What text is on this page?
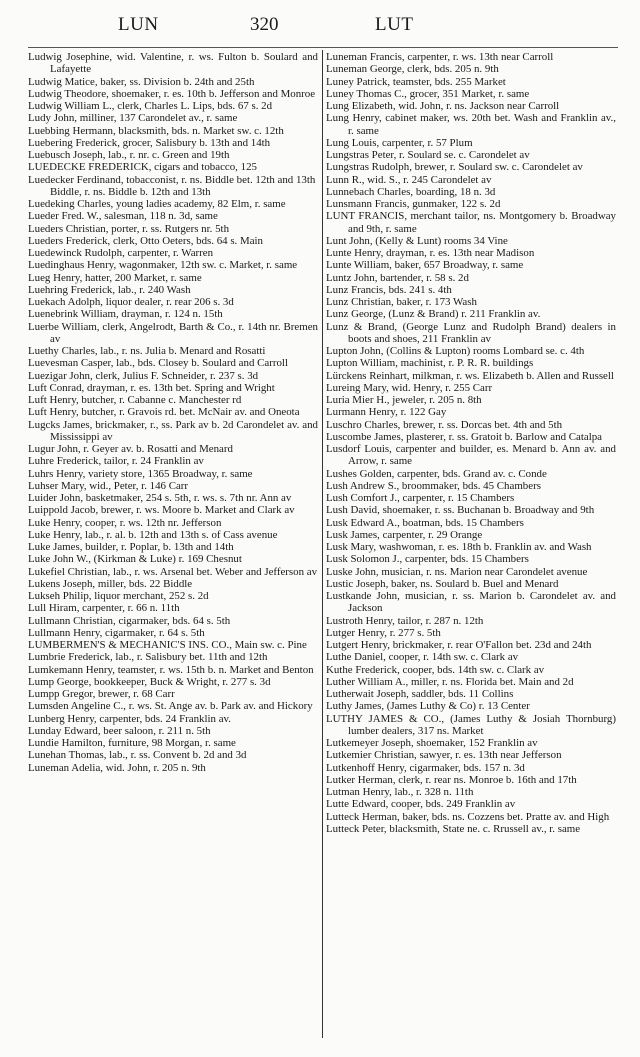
LUN	320	LUT

Ludwig Josephine, wid. Valentine, r. ws. Fulton b. Soulard and Lafayette

Ludwig Matice, baker, ss. Division b. 24th and 25th

Ludwig Theodore, shoemaker, r. es. 10th b. Jefferson and Monroe

Ludwig William L., clerk, Charles L. Lips, bds. 67 s. 2d

Ludy John, milliner, 137 Carondelet av., r. same

Luebbing Hermann, blacksmith, bds. n. Market sw. c. 12th

Luebering Frederick, grocer, Salisbury b. 13th and 14th

Luebusch Joseph, lab., r. nr. c. Green and 19th

LUEDECKE FREDERICK, cigars and tobacco, 125

Luedecker Ferdinand, tobacconist, r. ns. Biddle bet. 12th and 13th

Biddle, r. ns. Biddle b. 12th and 13th

Luedeking Charles, young ladies academy, 82 Elm, r. same

Lueder Fred. W., salesman, 118 n. 3d, same

Lueders Christian, porter, r. ss. Rutgers nr. 5th

Lueders Frederick, clerk, Otto Oeters, bds. 64 s. Main

Luedewinck Rudolph, carpenter, r. Warren

Luedinghaus Henry, wagonmaker, 12th sw. c. Market, r. same

Lueg Henry, hatter, 200 Market, r. same

Luehring Frederick, lab., r. 240 Wash

Luekach Adolph, liquor dealer, r. rear 206 s. 3d

Luenebrink William, drayman, r. 124 n. 15th

Luerbe William, clerk, Angelrodt, Barth & Co., r. 14th nr. Bremen av

Luethy Charles, lab., r. ns. Julia b. Menard and Rosatti

Luevesman Casper, lab., bds. Closey b. Soulard and Carroll

Luezigar John, clerk, Julius F. Schneider, r. 237 s. 3d

Luft Conrad, drayman, r. es. 13th bet. Spring and Wright

Luft Henry, butcher, r. Cabanne c. Manchester rd

Luft Henry, butcher, r. Gravois rd. bet. McNair av. and Oneota

Lugcks James, brickmaker, r., ss. Park av b. 2d Carondelet av. and Mississippi av

Lugur John, r. Geyer av. b. Rosatti and Menard

Luhre Frederick, tailor, r. 24 Franklin av

Luhrs Henry, variety store, 1365 Broadway, r. same

Luhser Mary, wid., Peter, r. 146 Carr

Luider John, basketmaker, 254 s. 5th, r. ws. s. 7th nr. Ann av

Luippold Jacob, brewer, r. ws. Moore b. Market and Clark av

Luke Henry, cooper, r. ws. 12th nr. Jefferson

Luke Henry, lab., r. al. b. 12th and 13th s. of Cass avenue

Luke James, builder, r. Poplar, b. 13th and 14th

Luke John W., (Kirkman & Luke) r. 169 Chesnut

Lukefiel Christian, lab., r. ws. Arsenal bet. Weber and Jefferson av

Lukens Joseph, miller, bds. 22 Biddle

Lukseh Philip, liquor merchant, 252 s. 2d

Lull Hiram, carpenter, r. 66 n. 11th

Lullmann Christian, cigarmaker, bds. 64 s. 5th

Lullmann Henry, cigarmaker, r. 64 s. 5th

LUMBERMEN'S & MECHANIC'S INS. CO., Main sw. c. Pine

Lumbrie Frederick, lab., r. Salisbury bet. 11th and 12th

Lumkemann Henry, teamster, r. ws. 15th b. n. Market and Benton

Lump George, bookkeeper, Buck & Wright, r. 277 s. 3d

Lumpp Gregor, brewer, r. 68 Carr

Lumsden Angeline C., r. ws. St. Ange av. b. Park av. and Hickory

Lunberg Henry, carpenter, bds. 24 Franklin av.

Lunday Edward, beer saloon, r. 211 n. 5th

Lundie Hamilton, furniture, 98 Morgan, r. same

Lunehan Thomas, lab., r. ss. Convent b. 2d and 3d

Luneman Adelia, wid. John, r. 205 n. 9th

Luneman Francis, carpenter, r. ws. 13th near Carroll

Luneman George, clerk, bds. 205 n. 9th

Luney Patrick, teamster, bds. 255 Market

Luney Thomas C., grocer, 351 Market, r. same

Lung Elizabeth, wid. John, r. ns. Jackson near Carroll

Lung Henry, cabinet maker, ws. 20th bet. Wash and Franklin av., r. same

Lung Louis, carpenter, r. 57 Plum

Lungstras Peter, r. Soulard se. c. Carondelet av

Lungstras Rudolph, brewer, r. Soulard sw. c. Carondelet av

Lunn R., wid. S., r. 245 Carondelet av

Lunnebach Charles, boarding, 18 n. 3d

Lunsmann Francis, gunmaker, 122 s. 2d

LUNT FRANCIS, merchant tailor, ns. Montgomery b. Broadway and 9th, r. same

Lunt John, (Kelly & Lunt) rooms 34 Vine

Lunte Henry, drayman, r. es. 13th near Madison

Lunte William, baker, 657 Broadway, r. same

Luntz John, bartender, r. 58 s. 2d

Lunz Francis, bds. 241 s. 4th

Lunz Christian, baker, r. 173 Wash

Lunz George, (Lunz & Brand) r. 211 Franklin av.

Lunz & Brand, (George Lunz and Rudolph Brand) dealers in boots and shoes, 211 Franklin av

Lupton John, (Collins & Lupton) rooms Lombard se. c. 4th

Lupton William, machinist, r. P. R. R. buildings

Lürckens Reinhart, milkman, r. ws. Elizabeth b. Allen and Russell

Lureing Mary, wid. Henry, r. 255 Carr

Luria Mier H., jeweler, r. 205 n. 8th

Lurmann Henry, r. 122 Gay

Luschro Charles, brewer, r. ss. Dorcas bet. 4th and 5th

Luscombe James, plasterer, r. ss. Gratoit b. Barlow and Catalpa

Lusdorf Louis, carpenter and builder, es. Menard b. Ann av. and Arrow, r. same

Lushes Golden, carpenter, bds. Grand av. c. Conde

Lush Andrew S., broommaker, bds. 45 Chambers

Lush Comfort J., carpenter, r. 15 Chambers

Lush David, shoemaker, r. ss. Buchanan b. Broadway and 9th

Lusk Edward A., boatman, bds. 15 Chambers

Lusk James, carpenter, r. 29 Orange

Lusk Mary, washwoman, r. es. 18th b. Franklin av. and Wash

Lusk Solomon J., carpenter, bds. 15 Chambers

Luske John, musician, r. ns. Marion near Carondelet avenue

Lustic Joseph, baker, ns. Soulard b. Buel and Menard

Lustkande John, musician, r. ss. Marion b. Carondelet av. and Jackson

Lustroth Henry, tailor, r. 287 n. 12th

Lutger Henry, r. 277 s. 5th

Lutgert Henry, brickmaker, r. rear O'Fallon bet. 23d and 24th

Luthe Daniel, cooper, r. 14th sw. c. Clark av

Kuthe Frederick, cooper, bds. 14th sw. c. Clark av

Luther William A., miller, r. ns. Florida bet. Main and 2d

Lutherwait Joseph, saddler, bds. 11 Collins

Luthy James, (James Luthy & Co) r. 13 Center

LUTHY JAMES & CO., (James Luthy & Josiah Thornburg) lumber dealers, 317 ns. Market

Lutkemeyer Joseph, shoemaker, 152 Franklin av

Lutkemier Christian, sawyer, r. es. 13th near Jefferson

Lutkenhoff Henry, cigarmaker, bds. 157 n. 3d

Lutker Herman, clerk, r. rear ns. Monroe b. 16th and 17th

Lutman Henry, lab., r. 328 n. 11th

Lutte Edward, cooper, bds. 249 Franklin av

Lutteck Herman, baker, bds. ns. Cozzens bet. Pratte av. and High

Lutteck Peter, blacksmith, State ne. c. Rrussell av., r. same
